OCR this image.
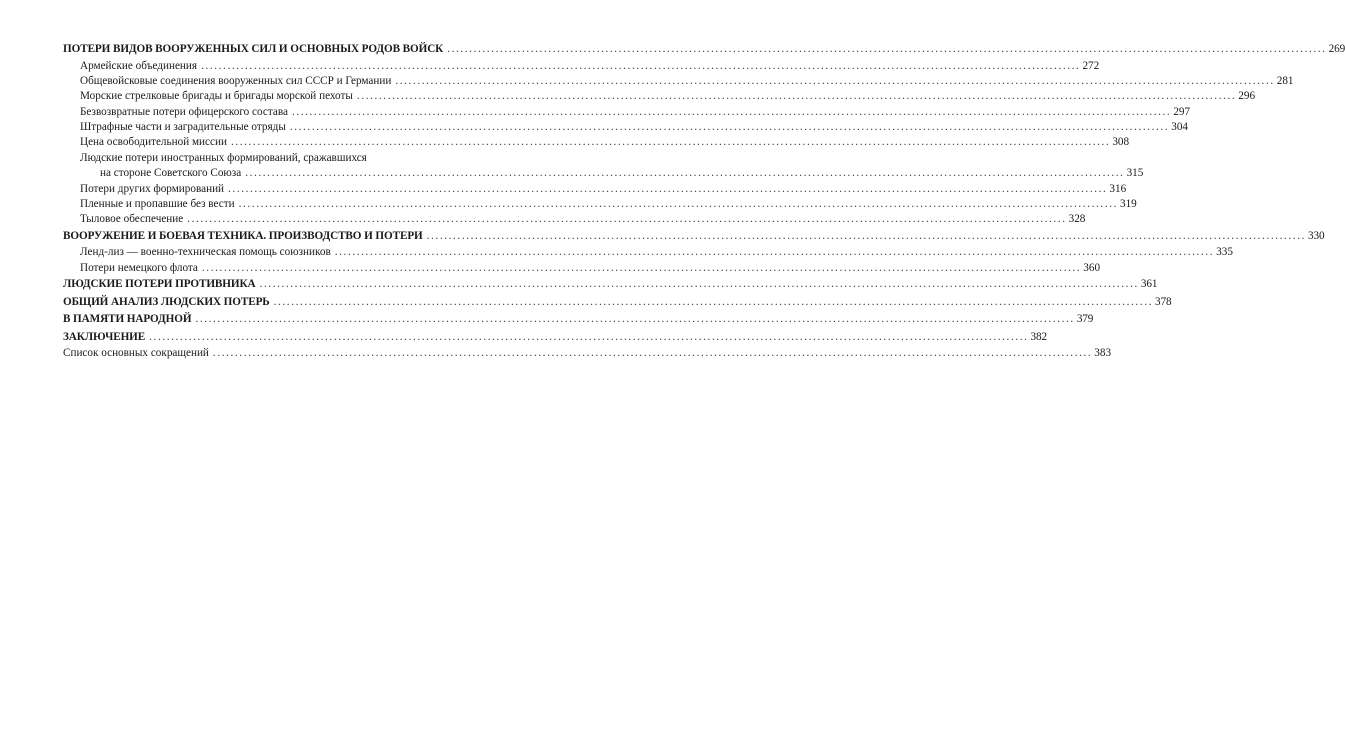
ПОТЕРИ ВИДОВ ВООРУЖЕННЫХ СИЛ И ОСНОВНЫХ РОДОВ ВОЙСК .....	269
Армейские объединения .....	272
Общевойсковые соединения вооруженных сил СССР и Германии .....	281
Морские стрелковые бригады и бригады морской пехоты .....	296
Безвозвратные потери офицерского состава .....	297
Штрафные части и заградительные отряды .....	304
Цена освободительной миссии .....	308
Людские потери иностранных формирований, сражавшихся
на стороне Советского Союза .....	315
Потери других формирований .....	316
Пленные и пропавшие без вести .....	319
Тыловое обеспечение .....	328
ВООРУЖЕНИЕ И БОЕВАЯ ТЕХНИКА. ПРОИЗВОДСТВО И ПОТЕРИ .....	330
Ленд-лиз — военно-техническая помощь союзников .....	335
Потери немецкого флота .....	360
ЛЮДСКИЕ ПОТЕРИ ПРОТИВНИКА .....	361
ОБЩИЙ АНАЛИЗ ЛЮДСКИХ ПОТЕРЬ .....	378
В ПАМЯТИ НАРОДНОЙ .....	379
ЗАКЛЮЧЕНИЕ .....	382
Список основных сокращений .....	383
